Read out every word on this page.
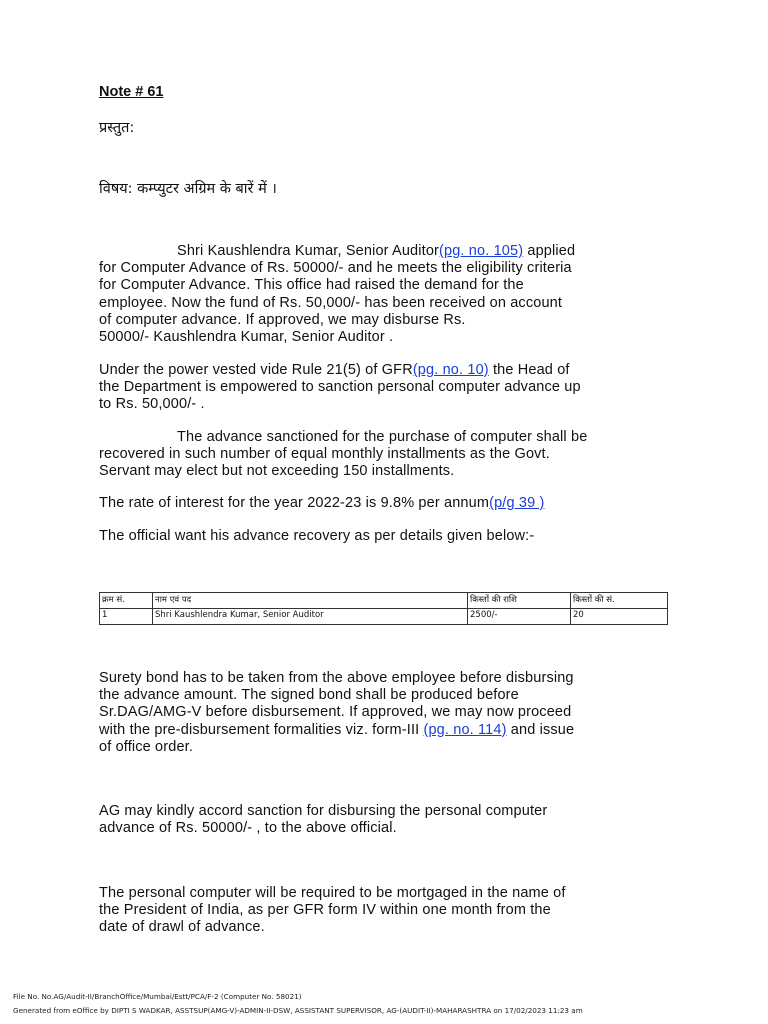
Note # 61
प्रस्तुत:
विषय: कम्प्युटर अग्रिम के बारें में ।
Shri Kaushlendra Kumar, Senior Auditor(pg. no. 105) applied
for Computer Advance of Rs. 50000/- and he meets the eligibility criteria
for Computer Advance. This office had raised the demand for the
employee. Now the fund of Rs. 50,000/- has been received on account
of computer advance. If approved, we may disburse Rs.
50000/- Kaushlendra Kumar, Senior Auditor .
Under the power vested vide Rule 21(5) of GFR(pg. no. 10) the Head of
the Department is empowered to sanction personal computer advance up
to Rs. 50,000/- .
The advance sanctioned for the purchase of computer shall be
recovered in such number of equal monthly installments as the Govt.
Servant may elect but not exceeding 150 installments.
The rate of interest for the year 2022-23 is 9.8% per annum(p/g 39 )
The official want his advance recovery as per details given below:-
क्रम सं.	नाम एवं पद	किस्तों की राशि	किस्तों की सं.
1	Shri Kaushlendra Kumar, Senior Auditor	2500/-	20
Surety bond has to be taken from the above employee before disbursing
the advance amount. The signed bond shall be produced before
Sr.DAG/AMG-V before disbursement. If approved, we may now proceed
with the pre-disbursement formalities viz. form-III (pg. no. 114) and issue
of office order.
AG may kindly accord sanction for disbursing the personal computer
advance of Rs. 50000/- , to the above official.
The personal computer will be required to be mortgaged in the name of
the President of India, as per GFR form IV within one month from the
date of drawl of advance.
File No. No.AG/Audit-II/BranchOffice/Mumbai/Estt/PCA/F-2 (Computer No. 58021)
Generated from eOffice by DIPTI S WADKAR, ASSTSUP(AMG-V)-ADMIN-II-DSW, ASSISTANT SUPERVISOR, AG-(AUDIT-II)-MAHARASHTRA on 17/02/2023 11:23 am
